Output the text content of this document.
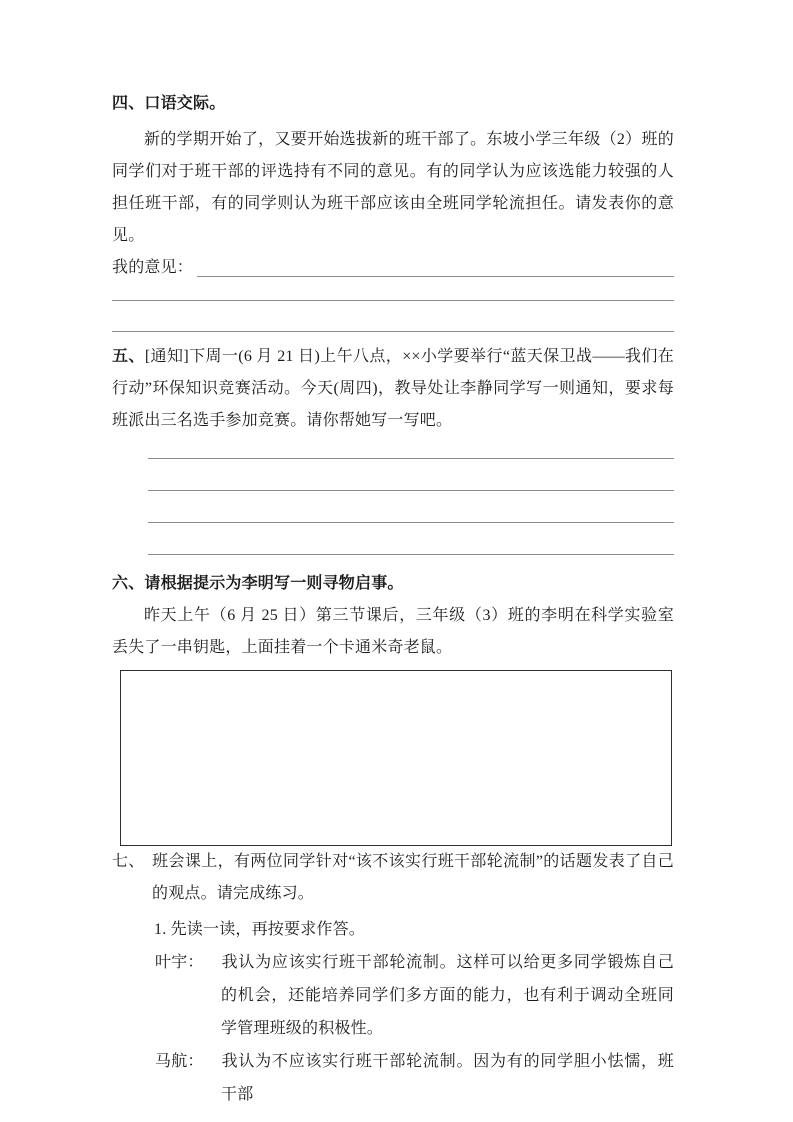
四、口语交际。

新的学期开始了，又要开始选拔新的班干部了。东坡小学三年级（2）班的同学们对于班干部的评选持有不同的意见。有的同学认为应该选能力较强的人担任班干部，有的同学则认为班干部应该由全班同学轮流担任。请发表你的意见。

我的意见：

五、[通知]下周一(6 月 21 日)上午八点，××小学要举行“蓝天保卫战——我们在行动”环保知识竞赛活动。今天(周四)，教导处让李静同学写一则通知，要求每班派出三名选手参加竞赛。请你帮她写一写吧。

六、请根据提示为李明写一则寻物启事。

昨天上午（6 月 25 日）第三节课后，三年级（3）班的李明在科学实验室丢失了一串钥匙，上面挂着一个卡通米奇老鼠。

七、 班会课上，有两位同学针对“该不该实行班干部轮流制”的话题发表了自己的观点。请完成练习。

1. 先读一读，再按要求作答。

叶宇： 我认为应该实行班干部轮流制。这样可以给更多同学锻炼自己的机会，还能培养同学们多方面的能力，也有利于调动全班同学管理班级的积极性。

马航： 我认为不应该实行班干部轮流制。因为有的同学胆小怯懦，班干部
